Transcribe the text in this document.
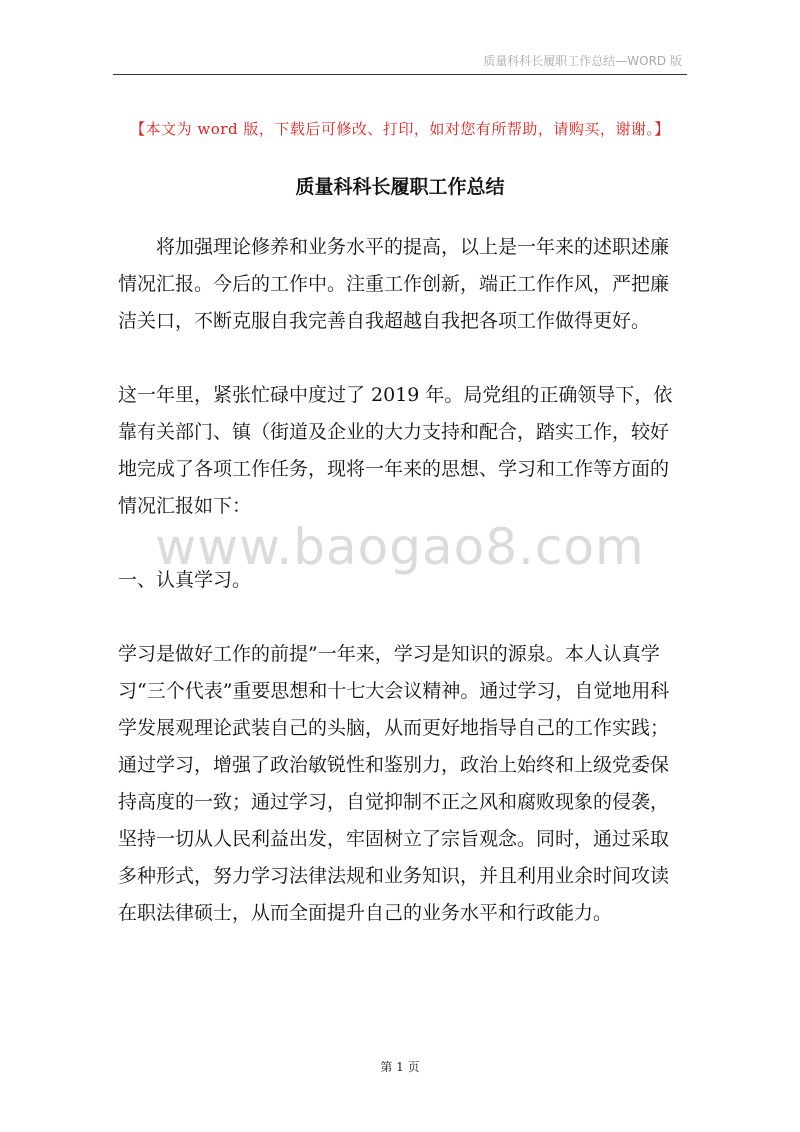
质量科科长履职工作总结—WORD 版
【本文为 word 版，下载后可修改、打印，如对您有所帮助，请购买，谢谢。】
质量科科长履职工作总结

将加强理论修养和业务水平的提高，以上是一年来的述职述廉情况汇报。今后的工作中。注重工作创新，端正工作作风，严把廉洁关口，不断克服自我完善自我超越自我把各项工作做得更好。

这一年里，紧张忙碌中度过了 2019 年。局党组的正确领导下，依靠有关部门、镇（街道及企业的大力支持和配合，踏实工作，较好地完成了各项工作任务，现将一年来的思想、学习和工作等方面的情况汇报如下：

一、认真学习。

学习是做好工作的前提”一年来，学习是知识的源泉。本人认真学习“三个代表”重要思想和十七大会议精神。通过学习，自觉地用科学发展观理论武装自己的头脑，从而更好地指导自己的工作实践；通过学习，增强了政治敏锐性和鉴别力，政治上始终和上级党委保持高度的一致；通过学习，自觉抑制不正之风和腐败现象的侵袭，坚持一切从人民利益出发，牢固树立了宗旨观念。同时，通过采取多种形式，努力学习法律法规和业务知识，并且利用业余时间攻读在职法律硕士，从而全面提升自己的业务水平和行政能力。

www.baogao8.com
第 1 页
